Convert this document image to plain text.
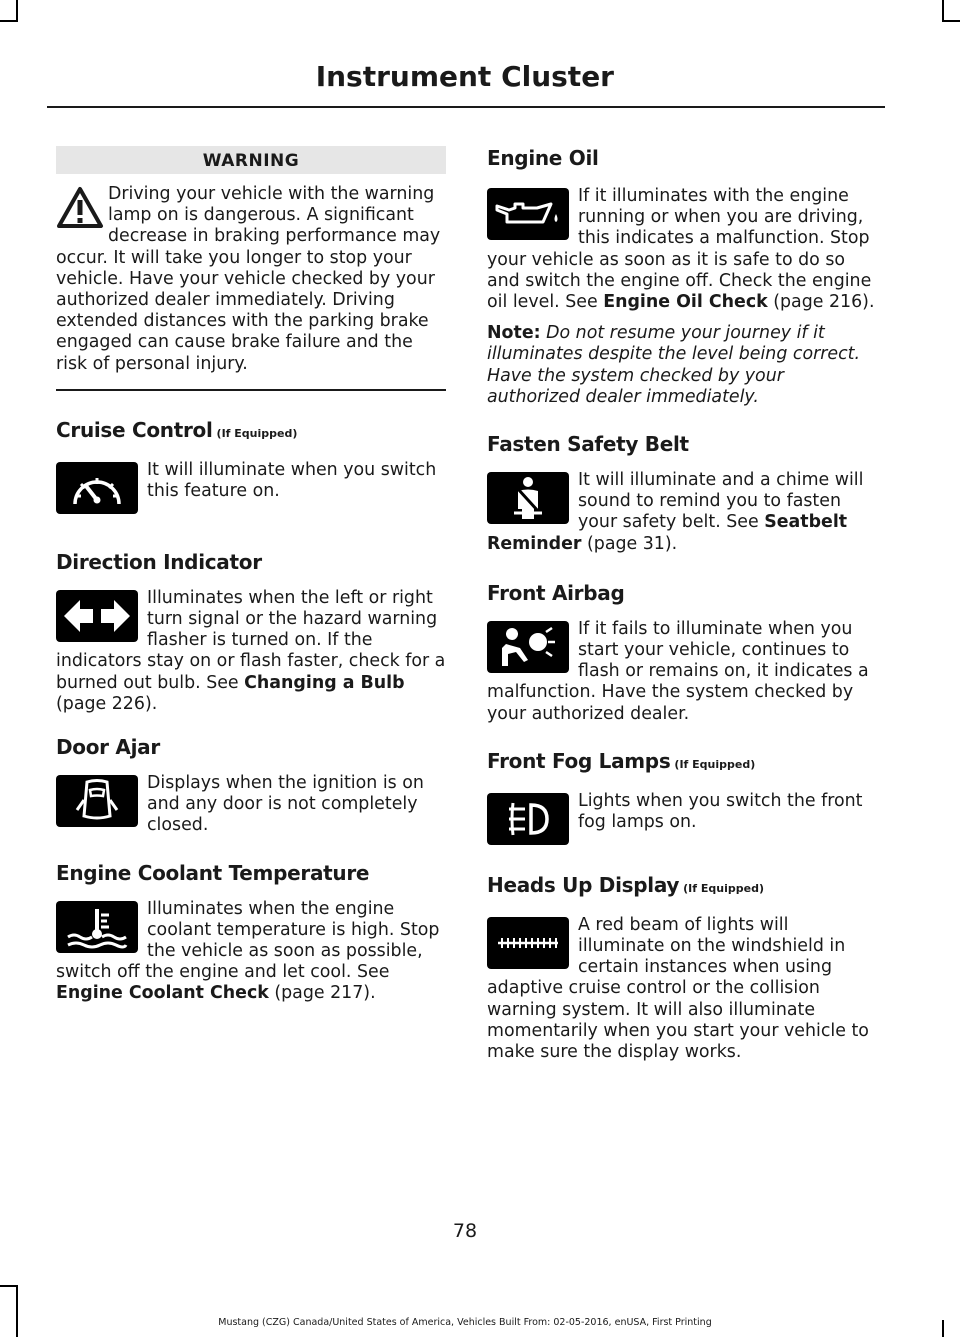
Instrument Cluster
WARNING

Driving your vehicle with the warning lamp on is dangerous. A significant decrease in braking performance may occur. It will take you longer to stop your vehicle. Have your vehicle checked by your authorized dealer immediately. Driving extended distances with the parking brake engaged can cause brake failure and the risk of personal injury.

Cruise Control (If Equipped)

It will illuminate when you switch this feature on.

Direction Indicator

Illuminates when the left or right turn signal or the hazard warning flasher is turned on. If the indicators stay on or flash faster, check for a burned out bulb. See Changing a Bulb (page 226).

Door Ajar

Displays when the ignition is on and any door is not completely closed.

Engine Coolant Temperature

Illuminates when the engine coolant temperature is high. Stop the vehicle as soon as possible, switch off the engine and let cool. See Engine Coolant Check (page 217).

Engine Oil

If it illuminates with the engine running or when you are driving, this indicates a malfunction. Stop your vehicle as soon as it is safe to do so and switch the engine off. Check the engine oil level. See Engine Oil Check (page 216).

Note: Do not resume your journey if it illuminates despite the level being correct. Have the system checked by your authorized dealer immediately.

Fasten Safety Belt

It will illuminate and a chime will sound to remind you to fasten your safety belt. See Seatbelt Reminder (page 31).

Front Airbag

If it fails to illuminate when you start your vehicle, continues to flash or remains on, it indicates a malfunction. Have the system checked by your authorized dealer.

Front Fog Lamps (If Equipped)

Lights when you switch the front fog lamps on.

Heads Up Display (If Equipped)

A red beam of lights will illuminate on the windshield in certain instances when using adaptive cruise control or the collision warning system. It will also illuminate momentarily when you start your vehicle to make sure the display works.

78
Mustang (CZG) Canada/United States of America, Vehicles Built From: 02-05-2016, enUSA, First Printing
